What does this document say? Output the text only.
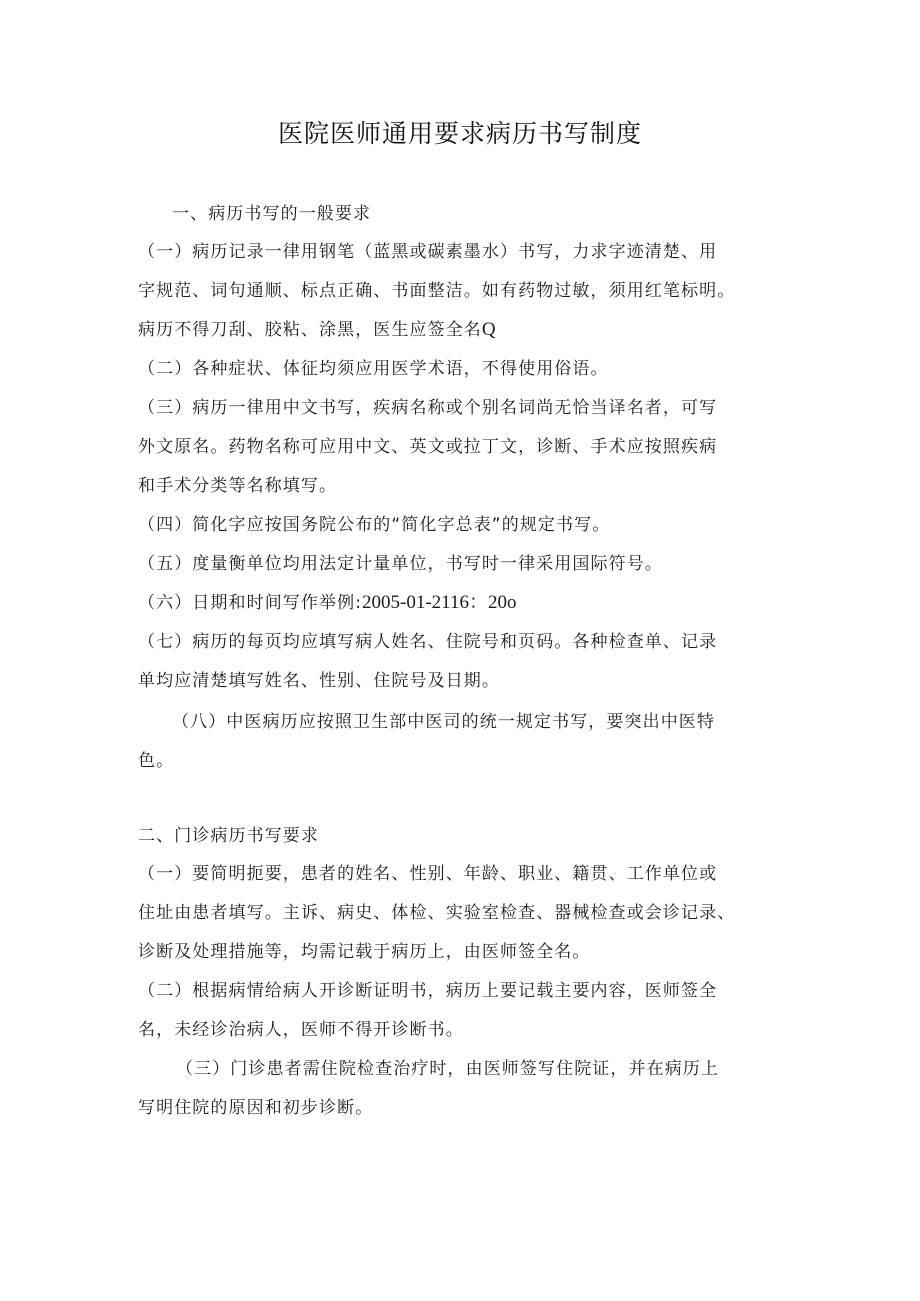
医院医师通用要求病历书写制度
一、病历书写的一般要求
（一）病历记录一律用钢笔（蓝黑或碳素墨水）书写，力求字迹清楚、用
字规范、词句通顺、标点正确、书面整洁。如有药物过敏，须用红笔标明。
病历不得刀刮、胶粘、涂黑，医生应签全名Q
（二）各种症状、体征均须应用医学术语，不得使用俗语。
（三）病历一律用中文书写，疾病名称或个别名词尚无恰当译名者，可写
外文原名。药物名称可应用中文、英文或拉丁文，诊断、手术应按照疾病
和手术分类等名称填写。
（四）简化字应按国务院公布的“简化字总表”的规定书写。
（五）度量衡单位均用法定计量单位，书写时一律采用国际符号。
（六）日期和时间写作举例:2005-01-2116：20o
（七）病历的每页均应填写病人姓名、住院号和页码。各种检查单、记录
单均应清楚填写姓名、性别、住院号及日期。
（八）中医病历应按照卫生部中医司的统一规定书写，要突出中医特
色。
二、门诊病历书写要求
（一）要简明扼要，患者的姓名、性别、年龄、职业、籍贯、工作单位或
住址由患者填写。主诉、病史、体检、实验室检查、器械检查或会诊记录、
诊断及处理措施等，均需记载于病历上，由医师签全名。
（二）根据病情给病人开诊断证明书，病历上要记载主要内容，医师签全
名，未经诊治病人，医师不得开诊断书。
（三）门诊患者需住院检查治疗时，由医师签写住院证，并在病历上
写明住院的原因和初步诊断。
